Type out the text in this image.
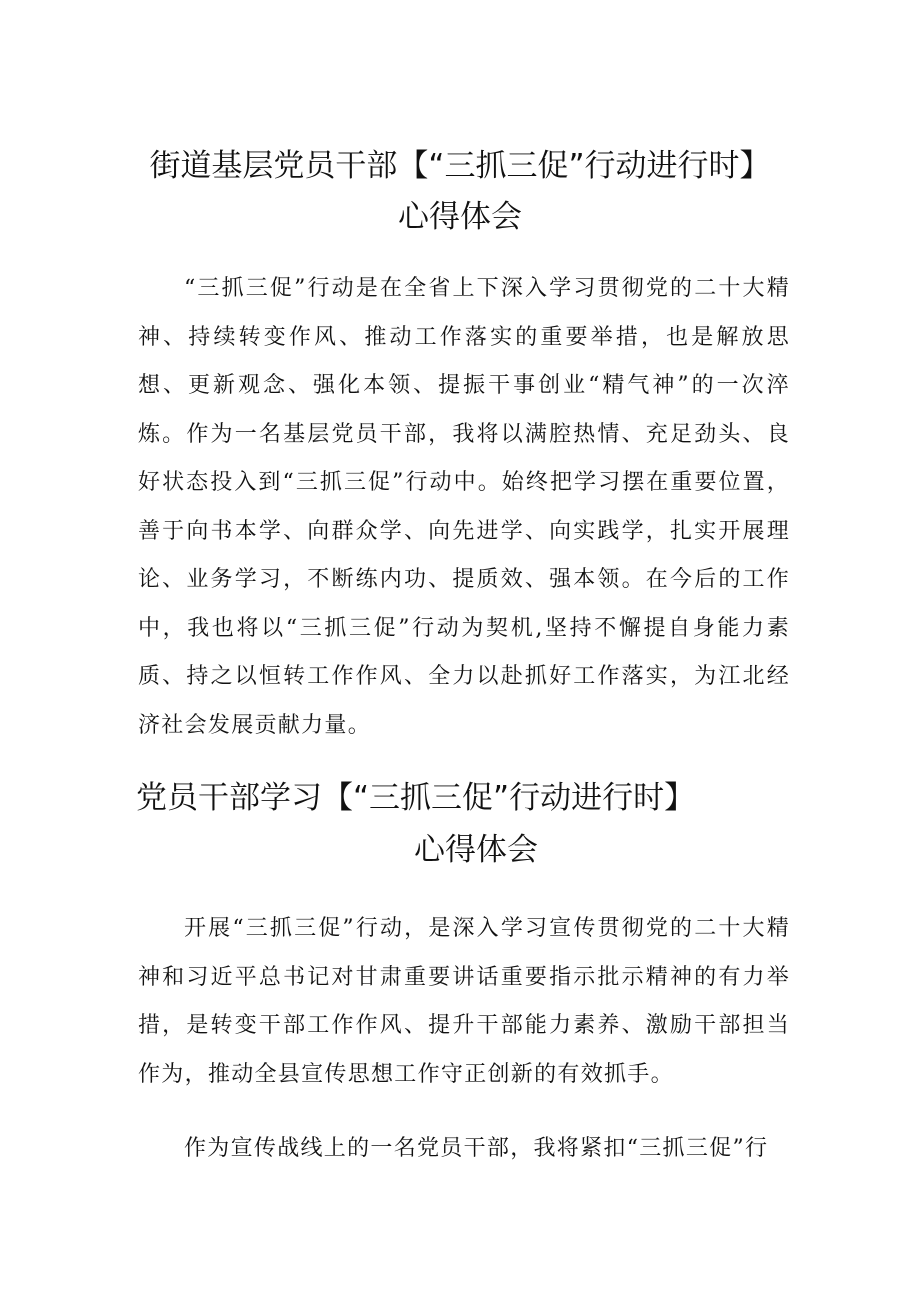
街道基层党员干部【“三抓三促”行动进行时】
心得体会

“三抓三促”行动是在全省上下深入学习贯彻党的二十大精神、持续转变作风、推动工作落实的重要举措，也是解放思想、更新观念、强化本领、提振干事创业“精气神”的一次淬炼。作为一名基层党员干部，我将以满腔热情、充足劲头、良好状态投入到“三抓三促”行动中。始终把学习摆在重要位置，善于向书本学、向群众学、向先进学、向实践学，扎实开展理论、业务学习，不断练内功、提质效、强本领。在今后的工作中，我也将以“三抓三促”行动为契机,坚持不懈提自身能力素质、持之以恒转工作作风、全力以赴抓好工作落实，为江北经济社会发展贡献力量。

党员干部学习【“三抓三促”行动进行时】
心得体会

开展“三抓三促”行动，是深入学习宣传贯彻党的二十大精神和习近平总书记对甘肃重要讲话重要指示批示精神的有力举措，是转变干部工作作风、提升干部能力素养、激励干部担当作为，推动全县宣传思想工作守正创新的有效抓手。

作为宣传战线上的一名党员干部，我将紧扣“三抓三促”行
